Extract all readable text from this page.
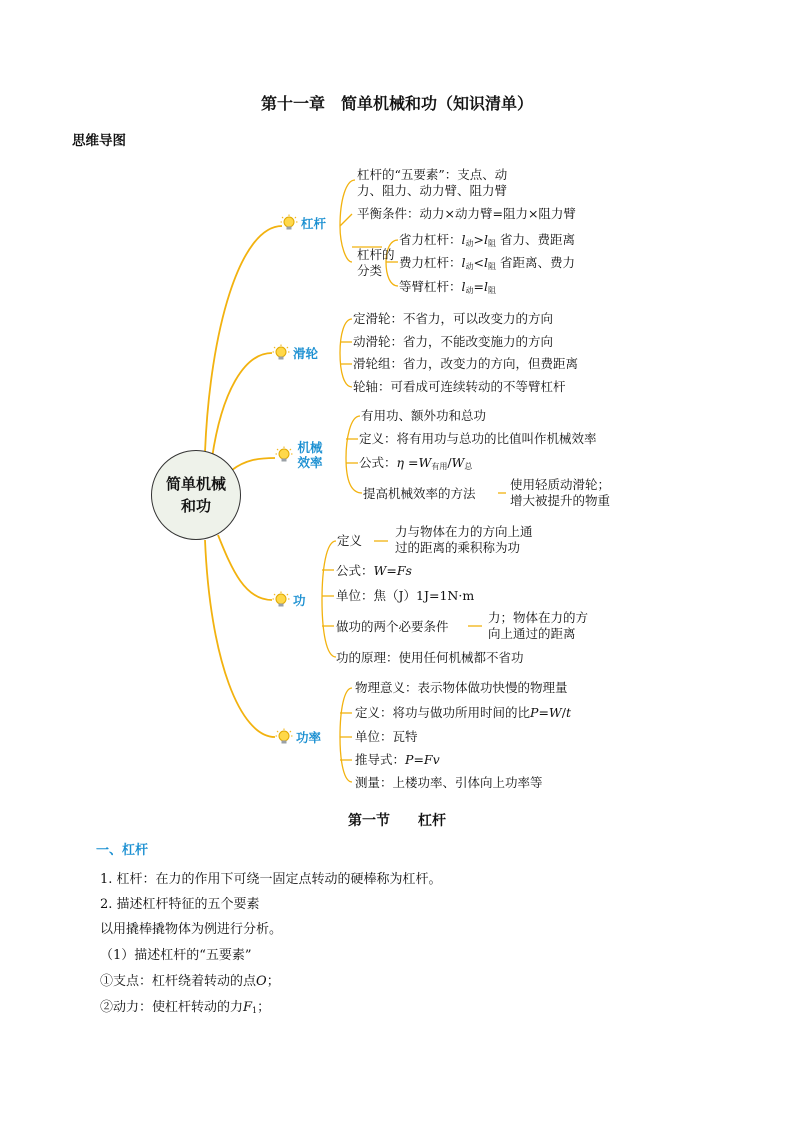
第十一章　简单机械和功（知识清单）
思维导图
简单机械和功
杠杆
滑轮
机械效率
功
功率
杠杆的“五要素”：支点、动
力、阻力、动力臂、阻力臂
平衡条件：动力×动力臂=阻力×阻力臂
杠杆的
分类
省力杠杆：$l_动>l_阻$ 省力、费距离
费力杠杆：$l_动<l_阻$ 省距离、费力
等臂杠杆：$l_动=l_阻$
定滑轮：不省力，可以改变力的方向
动滑轮：省力，不能改变施力的方向
滑轮组：省力，改变力的方向，但费距离
轮轴：可看成可连续转动的不等臂杠杆
有用功、额外功和总功
定义：将有用功与总功的比值叫作机械效率
公式：$\eta =W_{有用}/W_总$
提高机械效率的方法
使用轻质动滑轮；
增大被提升的物重
定义
力与物体在力的方向上通
过的距离的乘积称为功
公式：W=Fs
单位：焦（J）1J=1N·m
做功的两个必要条件
力；物体在力的方
向上通过的距离
功的原理：使用任何机械都不省功
物理意义：表示物体做功快慢的物理量
定义：将功与做功所用时间的比P=W/t
单位：瓦特
推导式：P=Fv
测量：上楼功率、引体向上功率等
第一节　　杠杆
一、杠杆
1. 杠杆：在力的作用下可绕一固定点转动的硬棒称为杠杆。
2. 描述杠杆特征的五个要素
以用撬棒撬物体为例进行分析。
（1）描述杠杆的“五要素”
①支点：杠杆绕着转动的点O；
②动力：使杠杆转动的力$F_1$；
